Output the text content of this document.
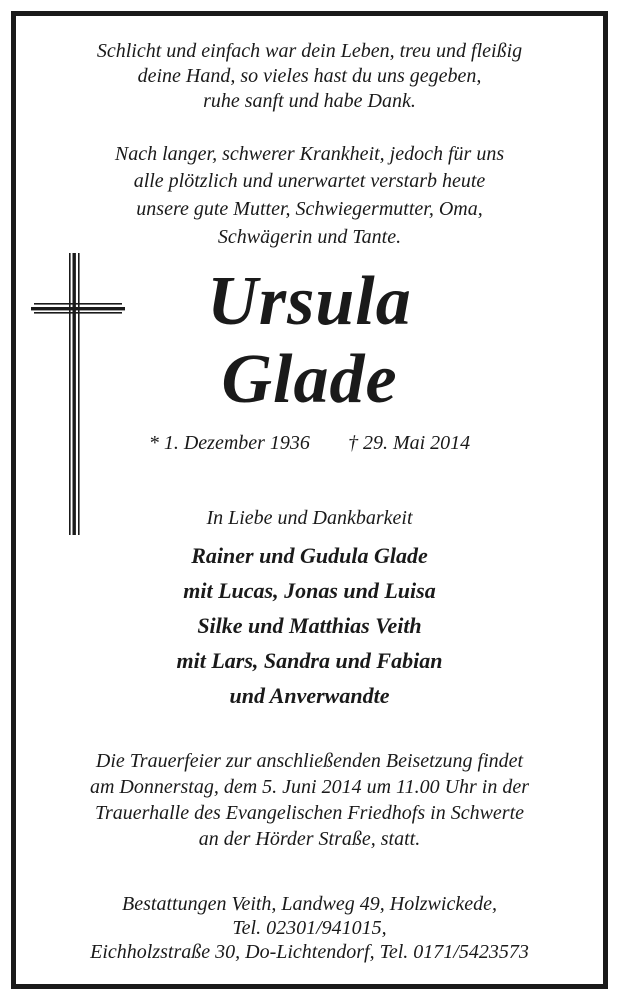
Schlicht und einfach war dein Leben, treu und fleißig
deine Hand, so vieles hast du uns gegeben,
ruhe sanft und habe Dank.
Nach langer, schwerer Krankheit, jedoch für uns
alle plötzlich und unerwartet verstarb heute
unsere gute Mutter, Schwiegermutter, Oma,
Schwägerin und Tante.
Ursula
Glade
* 1. Dezember 1936 † 29. Mai 2014
In Liebe und Dankbarkeit
Rainer und Gudula Glade
mit Lucas, Jonas und Luisa
Silke und Matthias Veith
mit Lars, Sandra und Fabian
und Anverwandte
Die Trauerfeier zur anschließenden Beisetzung findet
am Donnerstag, dem 5. Juni 2014 um 11.00 Uhr in der
Trauerhalle des Evangelischen Friedhofs in Schwerte
an der Hörder Straße, statt.
Bestattungen Veith, Landweg 49, Holzwickede,
Tel. 02301/941015,
Eichholzstraße 30, Do-Lichtendorf, Tel. 0171/5423573
